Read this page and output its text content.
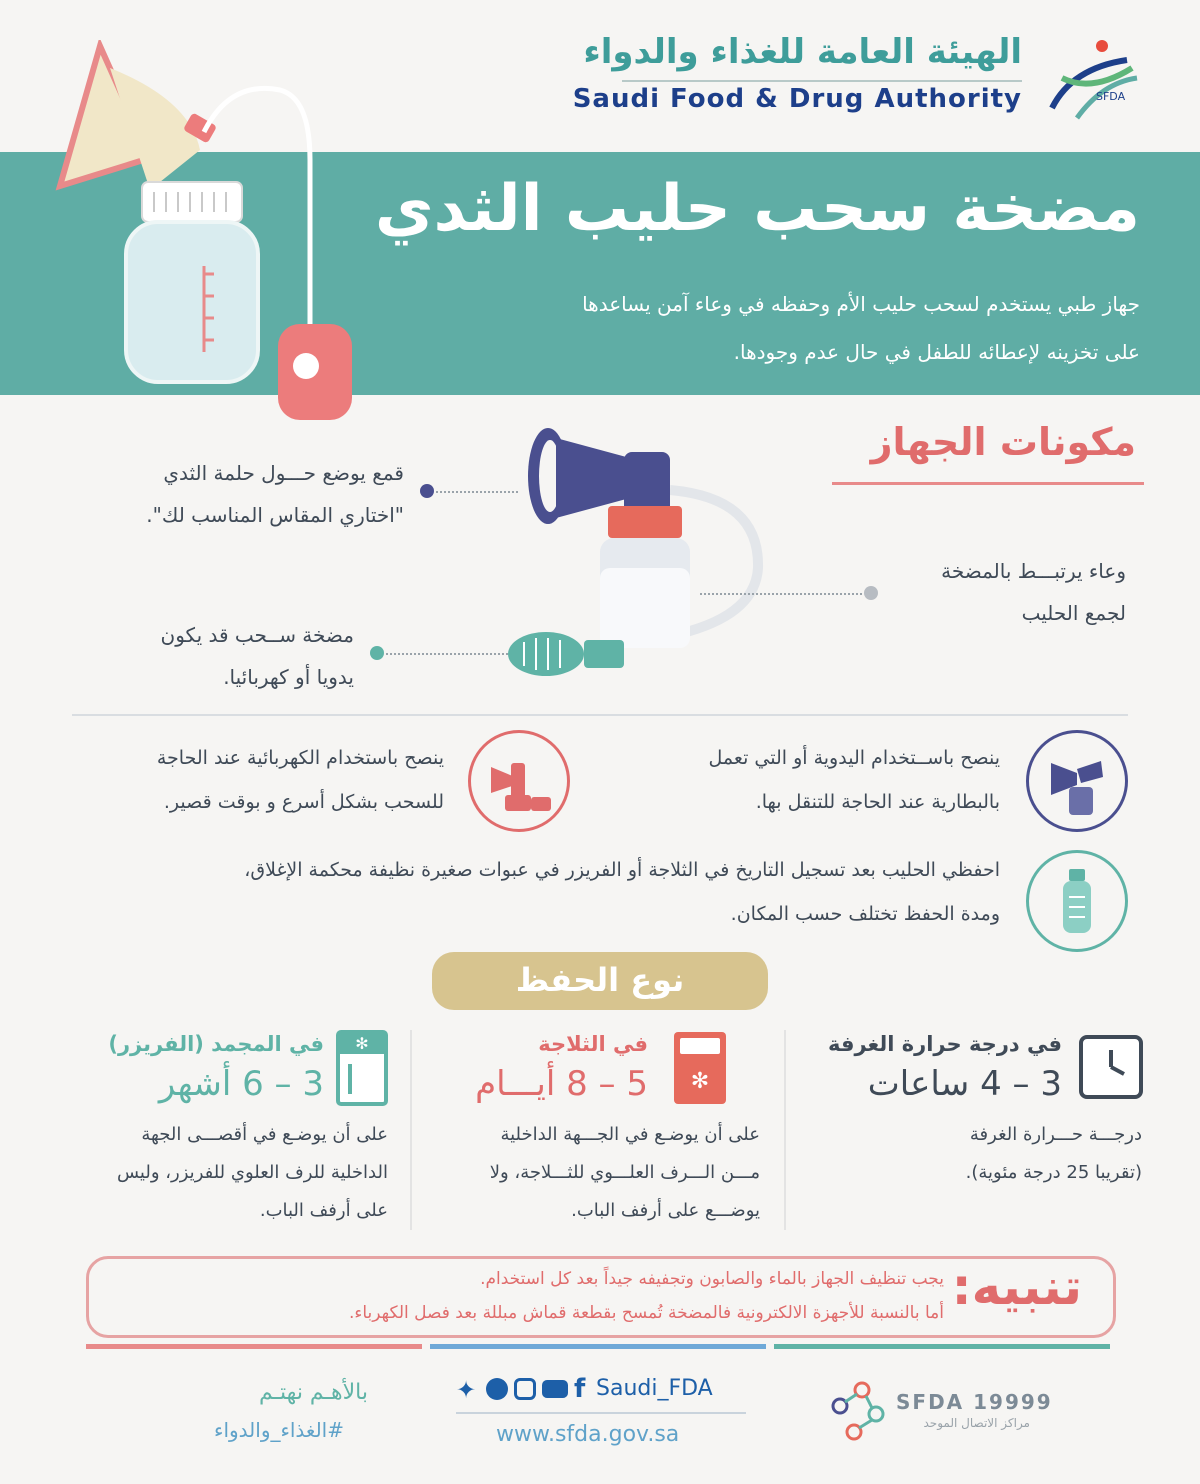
الهيئة العامة للغذاء والدواء
Saudi Food & Drug Authority	SFDA
مضخة سحب حليب الثدي
جهاز طبي يستخدم لسحب حليب الأم وحفظه في وعاء آمن يساعدها
على تخزينه لإعطائه للطفل في حال عدم وجودها.
مكونات الجهاز
قمع يوضع حـــول حلمة الثدي
"اختاري المقاس المناسب لك".
وعاء يرتبـــط بالمضخة
لجمع الحليب
مضخة ســحب قد يكون
يدويا أو كهربائيا.
ينصح باســتخدام اليدوية أو التي تعمل
بالبطارية عند الحاجة للتنقل بها.
ينصح باستخدام الكهربائية عند الحاجة
للسحب بشكل أسرع و بوقت قصير.
احفظي الحليب بعد تسجيل التاريخ في الثلاجة أو الفريزر في عبوات صغيرة نظيفة محكمة الإغلاق،
ومدة الحفظ تختلف حسب المكان.
نوع الحفظ
في درجة حرارة الغرفة
3 – 4 ساعات
درجـــة حـــرارة الغرفة
(تقريبا 25 درجة مئوية).
✻
في الثلاجة
5 – 8 أيـــام
على أن يوضـع في الجـــهة الداخلية
مـــن الـــرف العلـــوي للثـــلاجة، ولا
يوضـــع على أرفف الباب.
✻
في المجمد (الفريزر)
3 – 6 أشهر
على أن يوضـع في أقصـــى الجهة
الداخلية للرف العلوي للفريزر، وليس
على أرفف الباب.
تنبيه:
يجب تنظيف الجهاز بالماء والصابون وتجفيفه جيداً بعد كل استخدام.
أما بالنسبة للأجهزة الالكترونية فالمضخة تُمسح بقطعة قماش مبللة بعد فصل الكهرباء.
SFDA 19999
مراكز الاتصال الموحد
✦	f Saudi_FDA
www.sfda.gov.sa
بالأهـم نهتـم
#الغذاء_والدواء
